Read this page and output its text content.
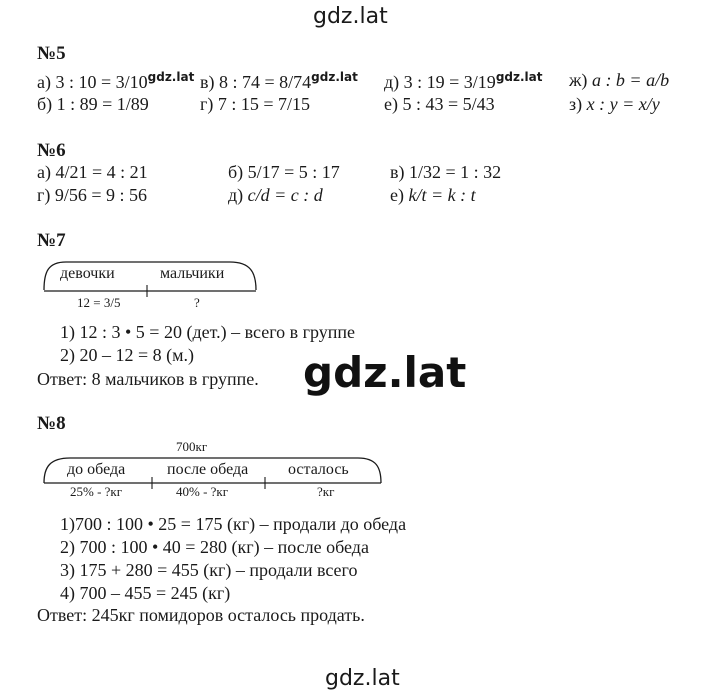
gdz.lat
gdz.lat
gdz.lat
№5
а) 3 : $10 = 3/10^{gdz.lat}$ в) 8 : $74 = 8/74^{gdz.lat}$ д) 3 : $19 = 3/19^{gdz.lat}$ ж) a : b = a/b
б) 1 : 89 = 1/89	г) 7 : 15 = 7/15	е) 5 : 43 = 5/43	з) x : y = x/y
№6
а) 4/21 = 4 : 21	б) 5/17 = 5 : 17	в) 1/32 = 1 : 32
г) 9/56 = 9 : 56	д) c/d = c : d	е) k/t = k : t
№7
девочки	мальчики
12 = 3/5	?
1) 12 : 3 • 5 = 20 (дет.) – всего в группе
2) 20 – 12 = 8 (м.)
Ответ: 8 мальчиков в группе.
№8
700кг
до обеда	после обеда осталось
25% - ?кг	40% - ?кг	?кг
1)700 : 100 • 25 = 175 (кг) – продали до обеда
2) 700 : 100 • 40 = 280 (кг) – после обеда
3) 175 + 280 = 455 (кг) – продали всего
4) 700 – 455 = 245 (кг)
Ответ: 245кг помидоров осталось продать.
